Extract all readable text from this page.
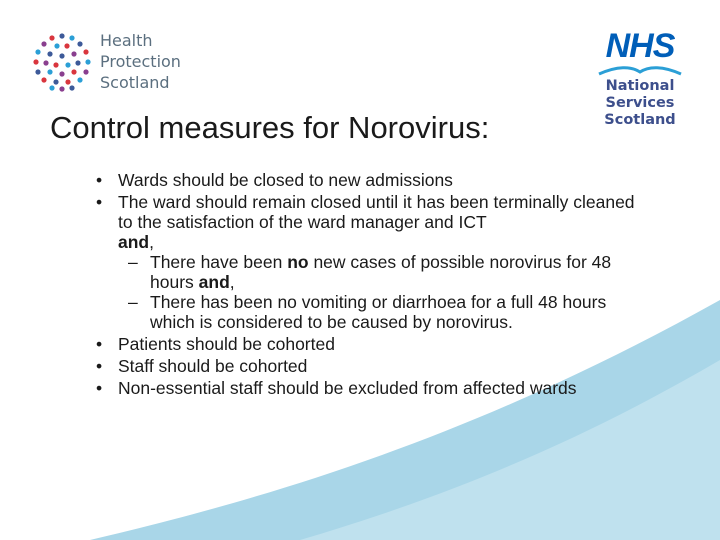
Health
Protection
Scotland
NHS
National
Services
Scotland
Control measures for Norovirus:
• Wards should be closed to new admissions
• The ward should remain closed until it has been terminally cleaned to the satisfaction of the ward manager and ICT
and,
– There have been no new cases of possible norovirus for 48 hours and,
– There has been no vomiting or diarrhoea for a full 48 hours which is considered to be caused by norovirus.
• Patients should be cohorted
• Staff should be cohorted
• Non-essential staff should be excluded from affected wards
